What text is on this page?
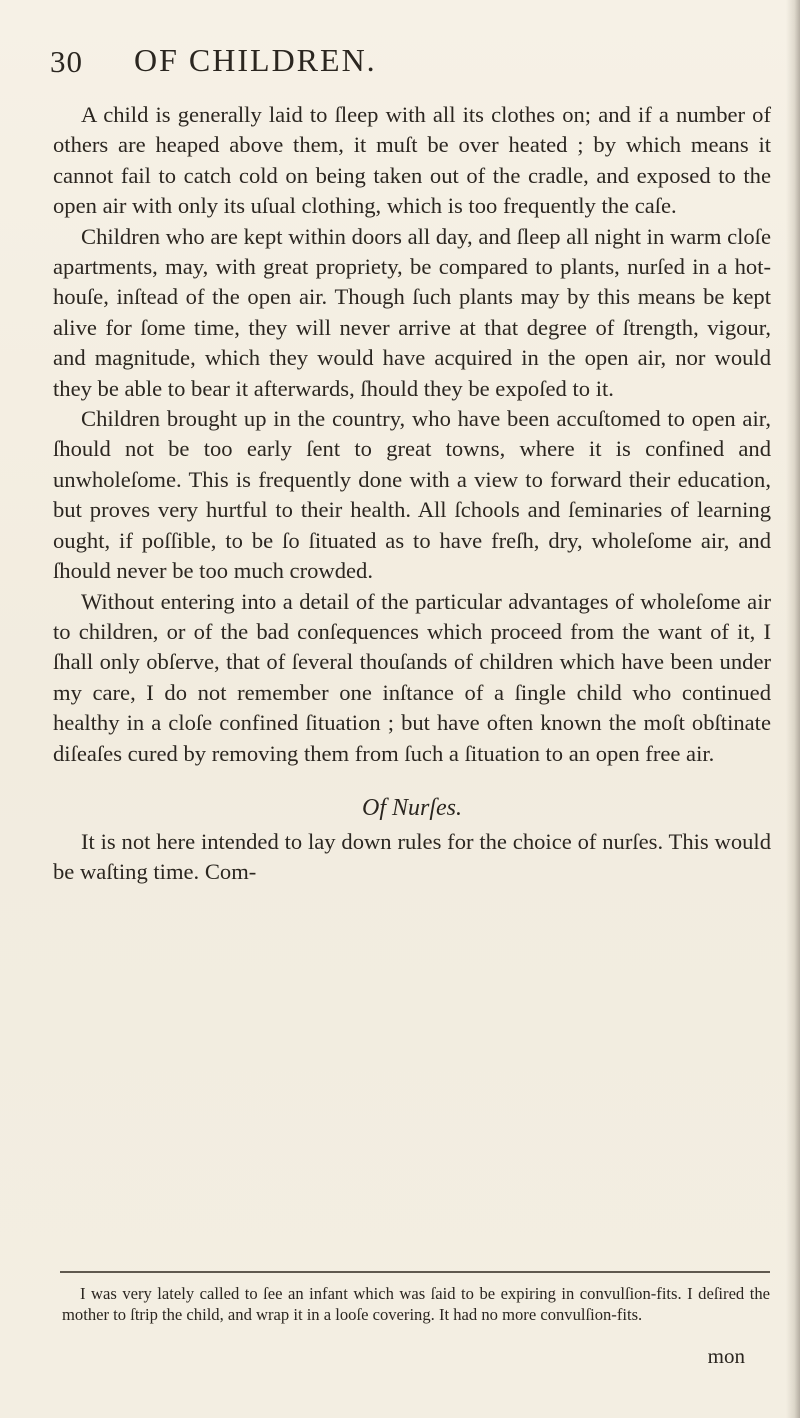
30 OF CHILDREN.

A child is generally laid to ſleep with all its clothes on; and if a number of others are heaped above them, it muſt be over heated ; by which means it cannot fail to catch cold on being taken out of the cradle, and exposed to the open air with only its uſual clothing, which is too frequently the caſe.

Children who are kept within doors all day, and ſleep all night in warm cloſe apartments, may, with great propriety, be compared to plants, nurſed in a hot-houſe, inſtead of the open air. Though ſuch plants may by this means be kept alive for ſome time, they will never arrive at that degree of ſtrength, vigour, and magnitude, which they would have acquired in the open air, nor would they be able to bear it afterwards, ſhould they be expoſed to it.

Children brought up in the country, who have been accuſtomed to open air, ſhould not be too early ſent to great towns, where it is confined and unwholeſome. This is frequently done with a view to forward their education, but proves very hurtful to their health. All ſchools and ſeminaries of learning ought, if poſſible, to be ſo ſituated as to have freſh, dry, wholeſome air, and ſhould never be too much crowded.

Without entering into a detail of the particular advantages of wholeſome air to children, or of the bad conſequences which proceed from the want of it, I ſhall only obſerve, that of ſeveral thouſands of children which have been under my care, I do not remember one inſtance of a ſingle child who continued healthy in a cloſe confined ſituation ; but have often known the moſt obſtinate diſeaſes cured by removing them from ſuch a ſituation to an open free air.

Of Nurſes.

It is not here intended to lay down rules for the choice of nurſes. This would be waſting time. Com-

I was very lately called to ſee an infant which was ſaid to be expiring in convulſion-fits. I deſired the mother to ſtrip the child, and wrap it in a looſe covering. It had no more convulſion-fits.

mon
